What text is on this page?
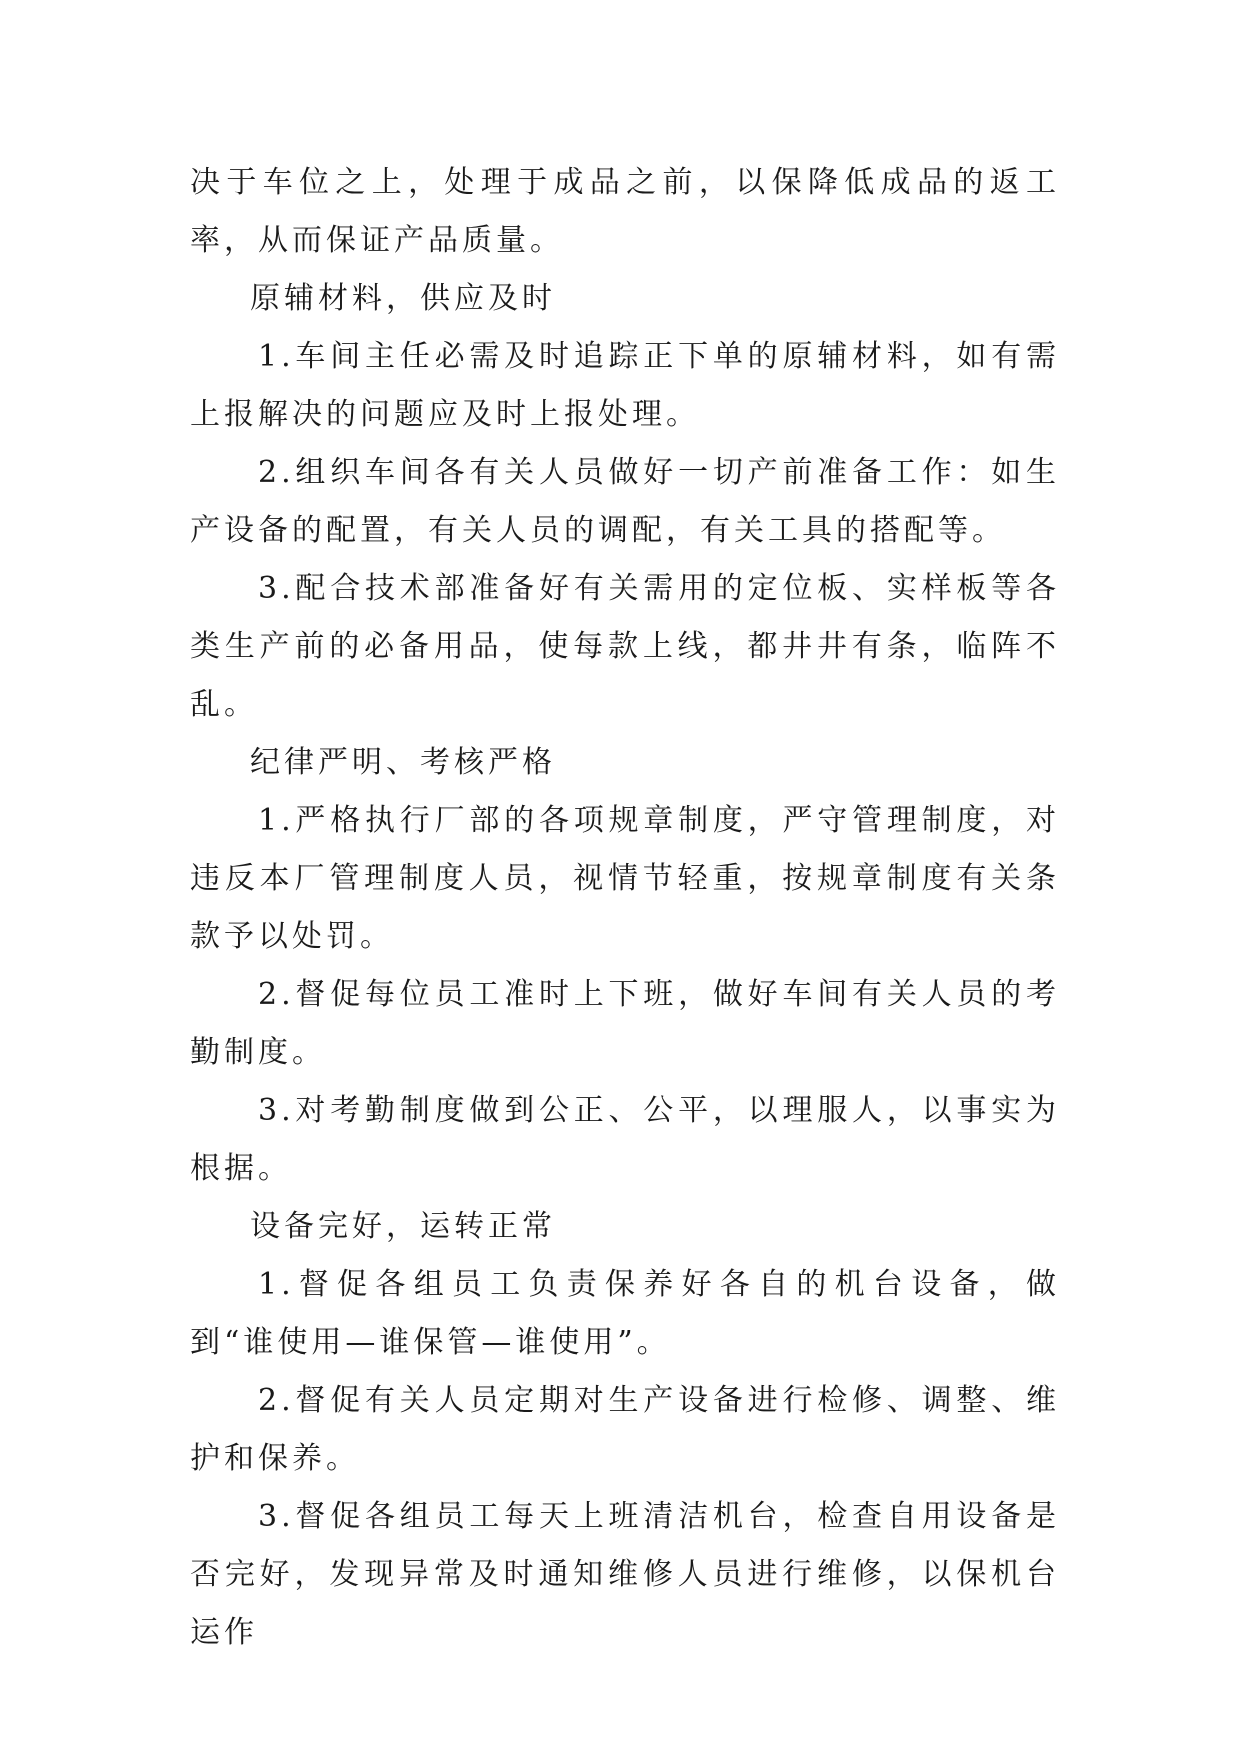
决于车位之上，处理于成品之前，以保降低成品的返工率，从而保证产品质量。

原辅材料，供应及时

1.车间主任必需及时追踪正下单的原辅材料，如有需上报解决的问题应及时上报处理。

2.组织车间各有关人员做好一切产前准备工作：如生产设备的配置，有关人员的调配，有关工具的搭配等。

3.配合技术部准备好有关需用的定位板、实样板等各类生产前的必备用品，使每款上线，都井井有条，临阵不乱。

纪律严明、考核严格

1.严格执行厂部的各项规章制度，严守管理制度，对违反本厂管理制度人员，视情节轻重，按规章制度有关条款予以处罚。

2.督促每位员工准时上下班，做好车间有关人员的考勤制度。

3.对考勤制度做到公正、公平，以理服人，以事实为根据。

设备完好，运转正常

1.督促各组员工负责保养好各自的机台设备，做到“谁使用—谁保管—谁使用”。

2.督促有关人员定期对生产设备进行检修、调整、维护和保养。

3.督促各组员工每天上班清洁机台，检查自用设备是否完好，发现异常及时通知维修人员进行维修，以保机台运作
